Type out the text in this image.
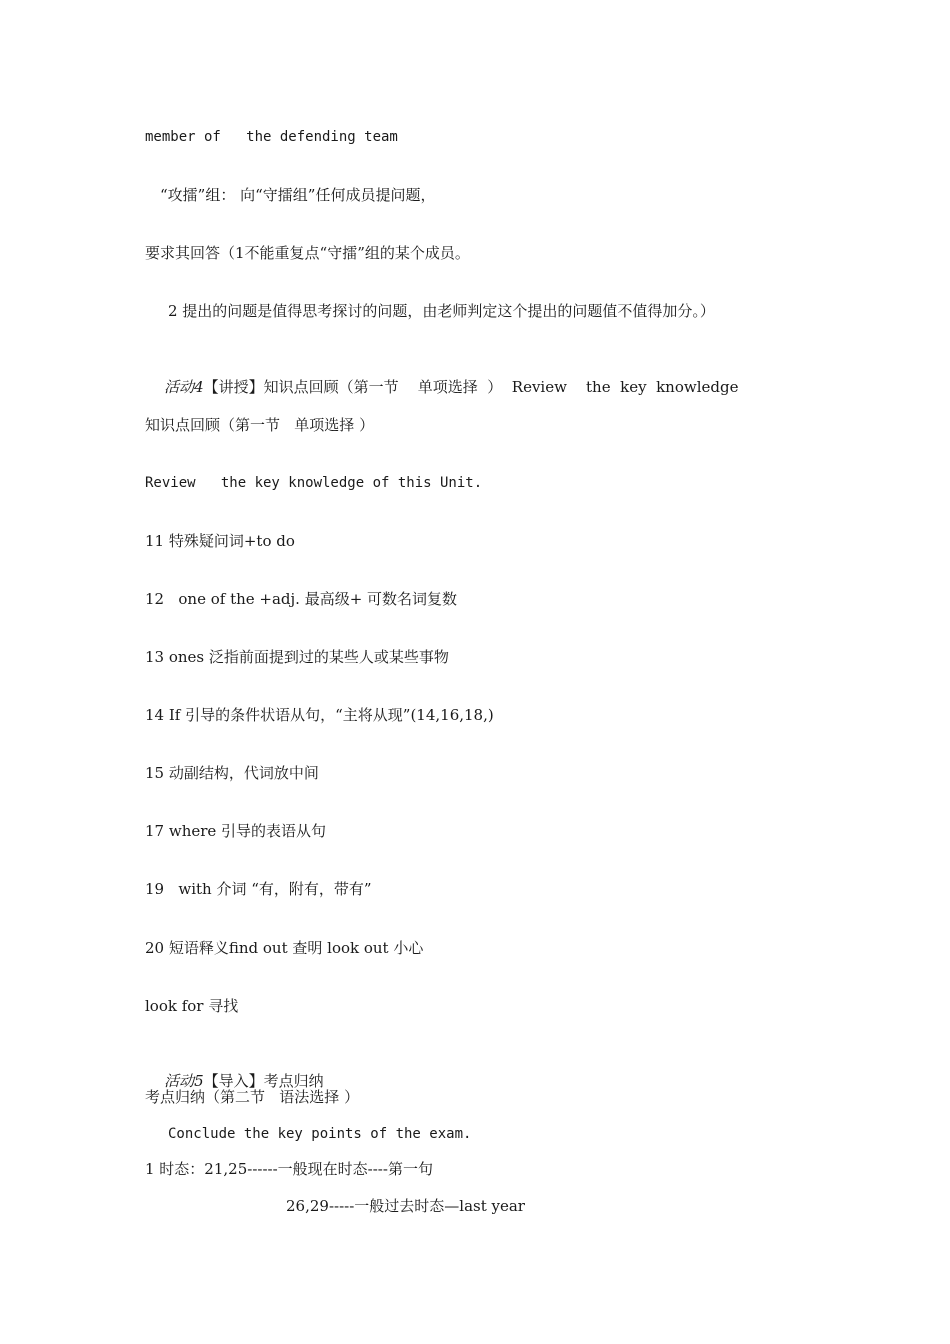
member of   the defending team
“攻擂”组： 向“守擂组”任何成员提问题，
要求其回答（1不能重复点“守擂”组的某个成员。
2 提出的问题是值得思考探讨的问题，由老师判定这个提出的问题值不值得加分。）

活动4【讲授】知识点回顾（第一节    单项选择  ）  Review    the  key  knowledge

知识点回顾（第一节   单项选择 ）
Review   the key knowledge of this Unit.
11 特殊疑问词+to do
12   one of the +adj. 最高级+ 可数名词复数
13 ones 泛指前面提到过的某些人或某些事物
14 If 引导的条件状语从句，“主将从现”(14,16,18,)
15 动副结构，代词放中间
17 where 引导的表语从句
19   with 介词 “有，附有，带有”
20 短语释义find out 查明 look out 小心
look for 寻找

活动5【导入】考点归纳

考点归纳（第二节   语法选择 ）
Conclude the key points of the exam.
1 时态：21,25------一般现在时态----第一句
26,29-----一般过去时态—last year
